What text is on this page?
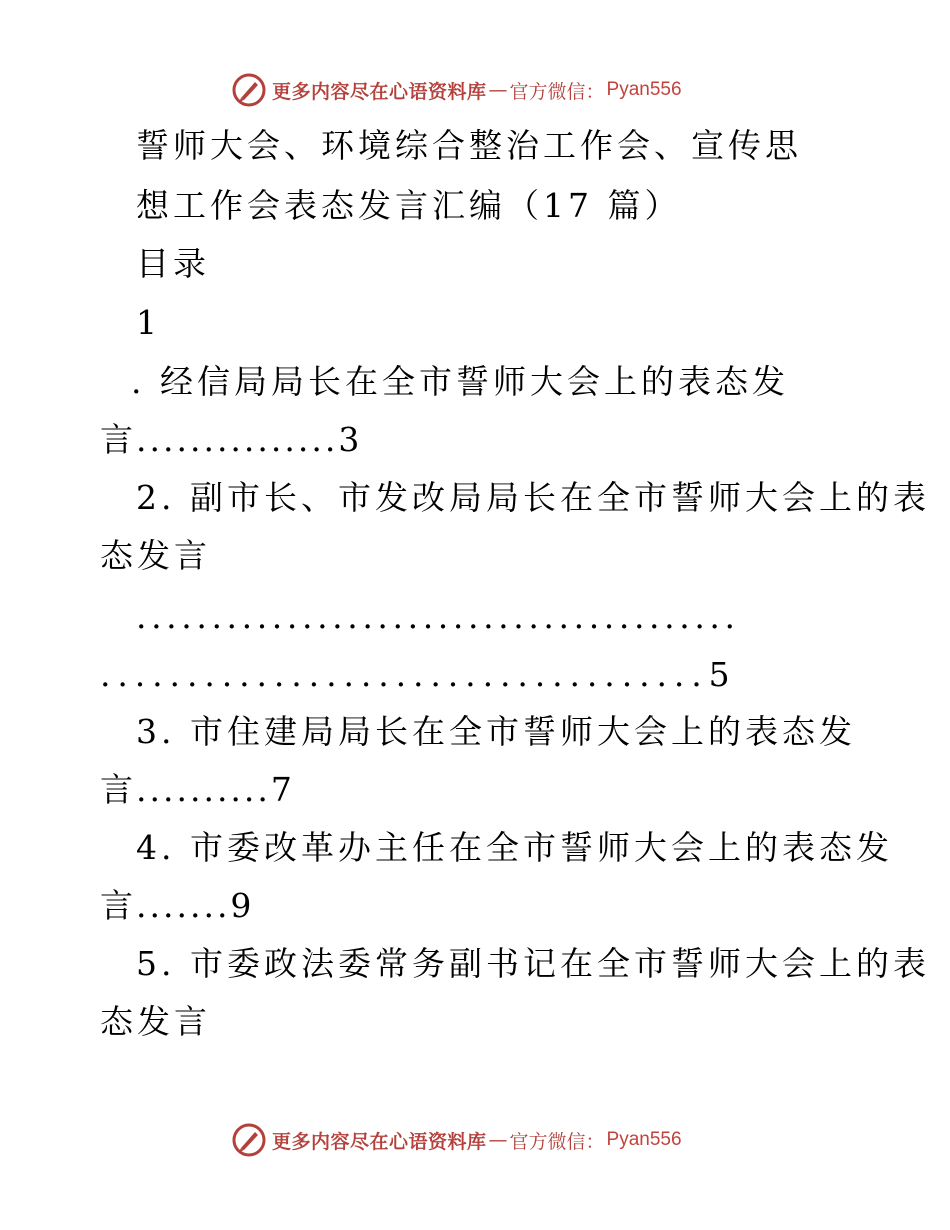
更多内容尽在心语资料库 — 官方微信： Pyan556
誓师大会、环境综合整治工作会、宣传思
想工作会表态发言汇编（17 篇）
目录
1
. 经信局局长在全市誓师大会上的表态发
言...............3
2. 副市长、市发改局局长在全市誓师大会上的表
态发言
........................................
...................................5
3. 市住建局局长在全市誓师大会上的表态发
言..........7
4. 市委改革办主任在全市誓师大会上的表态发
言.......9
5. 市委政法委常务副书记在全市誓师大会上的表
态发言
更多内容尽在心语资料库 — 官方微信： Pyan556
